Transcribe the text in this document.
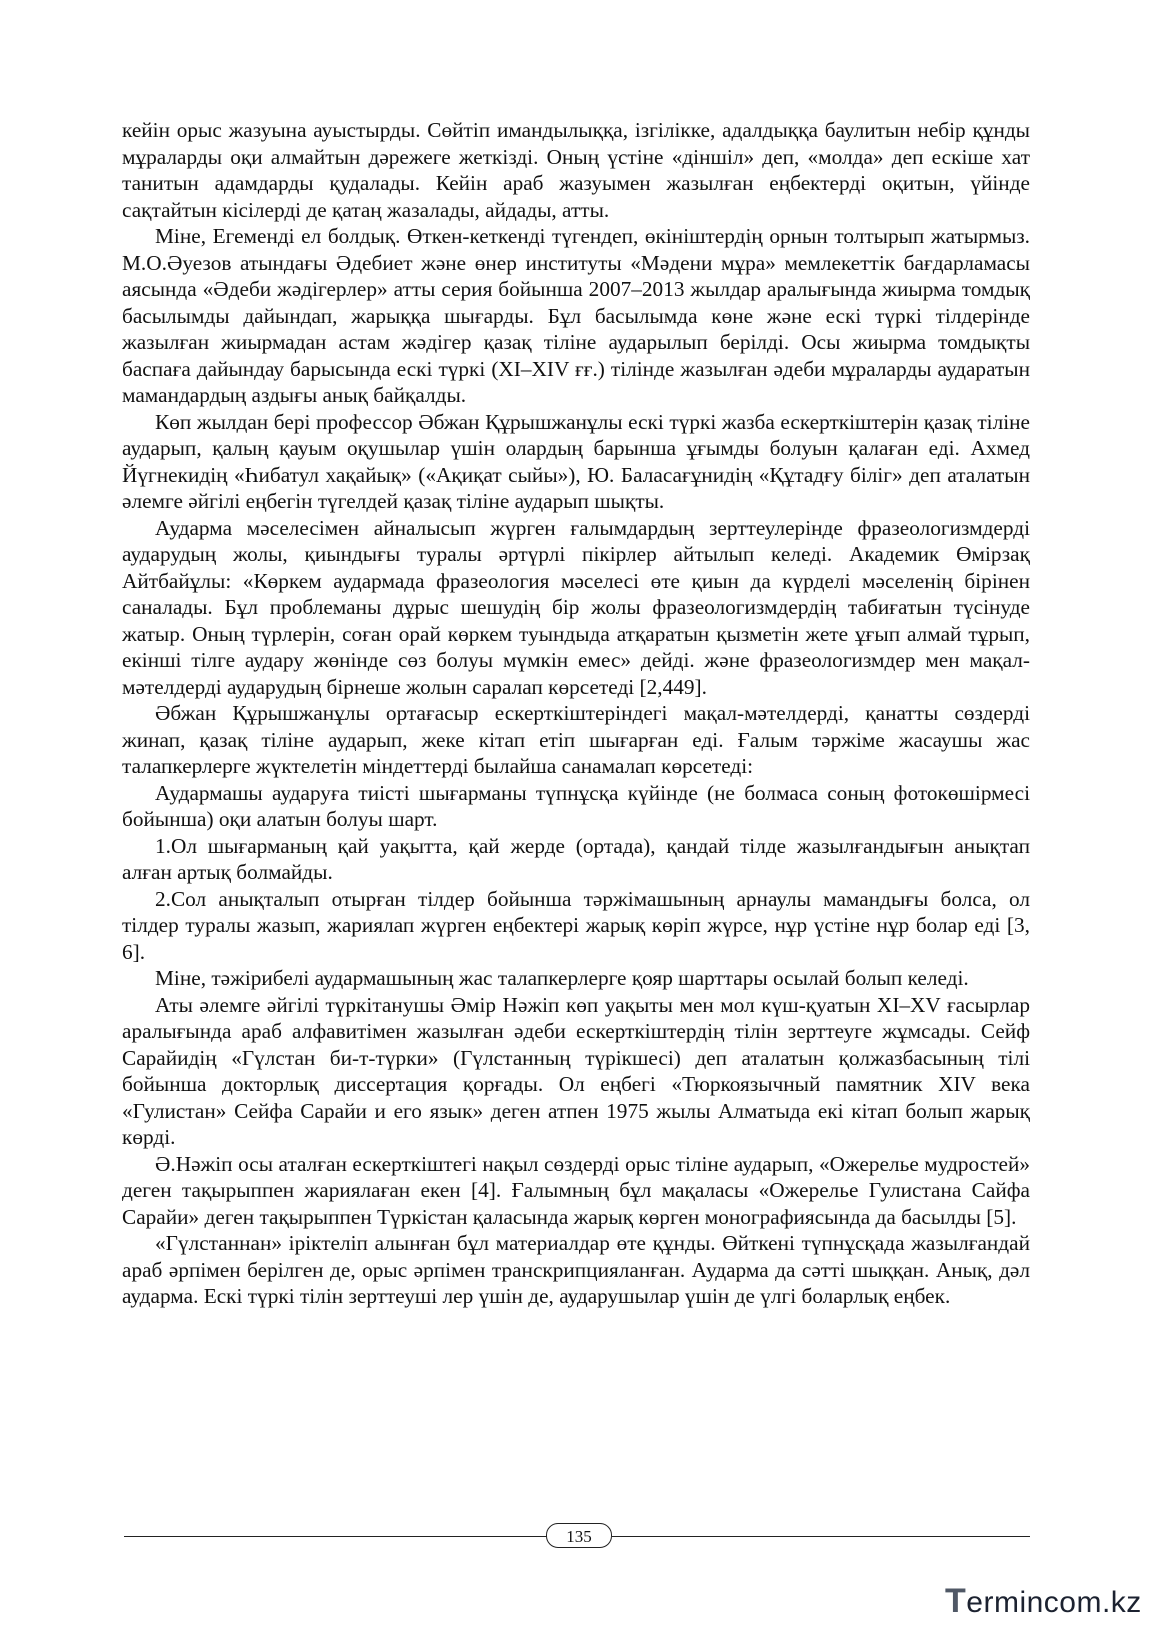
кейін орыс жазуына ауыстырды. Сөйтіп имандылыққа, ізгілікке, адалдыққа баулитын небір құнды мұраларды оқи алмайтын дәрежеге жеткізді. Оның үстіне «дiншiл» деп, «молда» деп ескіше хат танитын адамдарды қудалады. Кейін араб жазуымен жазылған еңбектерді оқитын, үйінде сақтайтын кісілерді де қатаң жазалады, айдады, атты.

Міне, Егеменді ел болдық. Өткен-кеткенді түгендеп, өкініштердің орнын толтырып жатырмыз. М.О.Әуезов атындағы Әдебиет және өнер институты «Мәдени мұра» мемлекеттік бағдарламасы аясында «Әдеби жәдігерлер» атты серия бойынша 2007–2013 жылдар аралығында жиырма томдық басылымды дайындап, жарыққа шығарды. Бұл басылымда көне және ескі түркі тілдерінде жазылған жиырмадан астам жәдігер қазақ тіліне аударылып берілді. Осы жиырма томдықты баспаға дайындау барысында ескі түркі (XI–XIV ғғ.) тілінде жазылған әдеби мұраларды аударатын мамандардың аздығы анық байқалды.

Көп жылдан бері профессор Әбжан Құрышжанұлы ескі түркі жазба ескерткіштерін қазақ тіліне аударып, қалың қауым оқушылар үшін олардың барынша ұғымды болуын қалаған еді. Ахмед Йүгнекидің «Һибатул хақайық» («Ақиқат сыйы»), Ю. Баласағұнидің «Құтадғу біліг» деп аталатын әлемге әйгілі еңбегін түгелдей қазақ тіліне аударып шықты.

Аударма мәселесімен айналысып жүрген ғалымдардың зерттеулерінде фразеологизмдерді аударудың жолы, қиындығы туралы әртүрлі пікірлер айтылып келеді. Академик Өмірзақ Айтбайұлы: «Көркем аудармада фразеология мәселесі өте қиын да күрделі мәселенің бірінен саналады. Бұл проблеманы дұрыс шешудің бір жолы фразеологизмдердің табиғатын түсінуде жатыр. Оның түрлерін, соған орай көркем туындыда атқаратын қызметін жете ұғып алмай тұрып, екінші тілге аудару жөнінде сөз болуы мүмкін емес» дейді. және фразеологизмдер мен мақал-мәтелдерді аударудың бірнеше жолын саралап көрсетеді [2,449].

Әбжан Құрышжанұлы ортағасыр ескерткіштеріндегі мақал-мәтелдерді, қанатты сөздерді жинап, қазақ тіліне аударып, жеке кітап етіп шығарған еді. Ғалым тәржіме жасаушы жас талапкерлерге жүктелетін міндеттерді былайша санамалап көрсетеді:

Аудармашы аударуға тиісті шығарманы түпнұсқа күйінде (не болмаса соның фотокөшірмесі бойынша) оқи алатын болуы шарт.

1.Ол шығарманың қай уақытта, қай жерде (ортада), қандай тілде жазылғандығын анықтап алған артық болмайды.

2.Сол анықталып отырған тілдер бойынша тәржімашының арнаулы мамандығы болса, ол тілдер туралы жазып, жариялап жүрген еңбектері жарық көріп жүрсе, нұр үстіне нұр болар еді [3, 6].

Міне, тәжірибелі аудармашының жас талапкерлерге қояр шарттары осылай болып келеді.

Аты әлемге әйгілі түркітанушы Әмір Нәжіп көп уақыты мен мол күш-қуатын XI–XV ғасырлар аралығында араб алфавитімен жазылған әдеби ескерткіштердің тілін зерттеуге жұмсады. Сейф Сарайидің «Гүлстан би-т-түрки» (Гүлстанның түрікшесі) деп аталатын қолжазбасының тілі бойынша докторлық диссертация қорғады. Ол еңбегі «Тюркоязычный памятник XIV века «Гулистан» Сейфа Сарайи и его язык» деген атпен 1975 жылы Алматыда екі кітап болып жарық көрді.

Ә.Нәжіп осы аталған ескерткіштегі нақыл сөздерді орыс тіліне аударып, «Ожерелье мудростей» деген тақырыппен жариялаған екен [4]. Ғалымның бұл мақаласы «Ожерелье Гулистана Сайфа Сарайи» деген тақырыппен Түркістан қаласында жарық көрген монографиясында да басылды [5].

«Гүлстаннан» іріктеліп алынған бұл материалдар өте құнды. Өйткені түпнұсқада жазылғандай араб әрпімен берілген де, орыс әрпімен транскрипцияланған. Аударма да сәтті шыққан. Анық, дәл аударма. Ескі түркі тілін зерттеуші лер үшін де, аударушылар үшін де үлгі боларлық еңбек.

135
Termincom.kz
